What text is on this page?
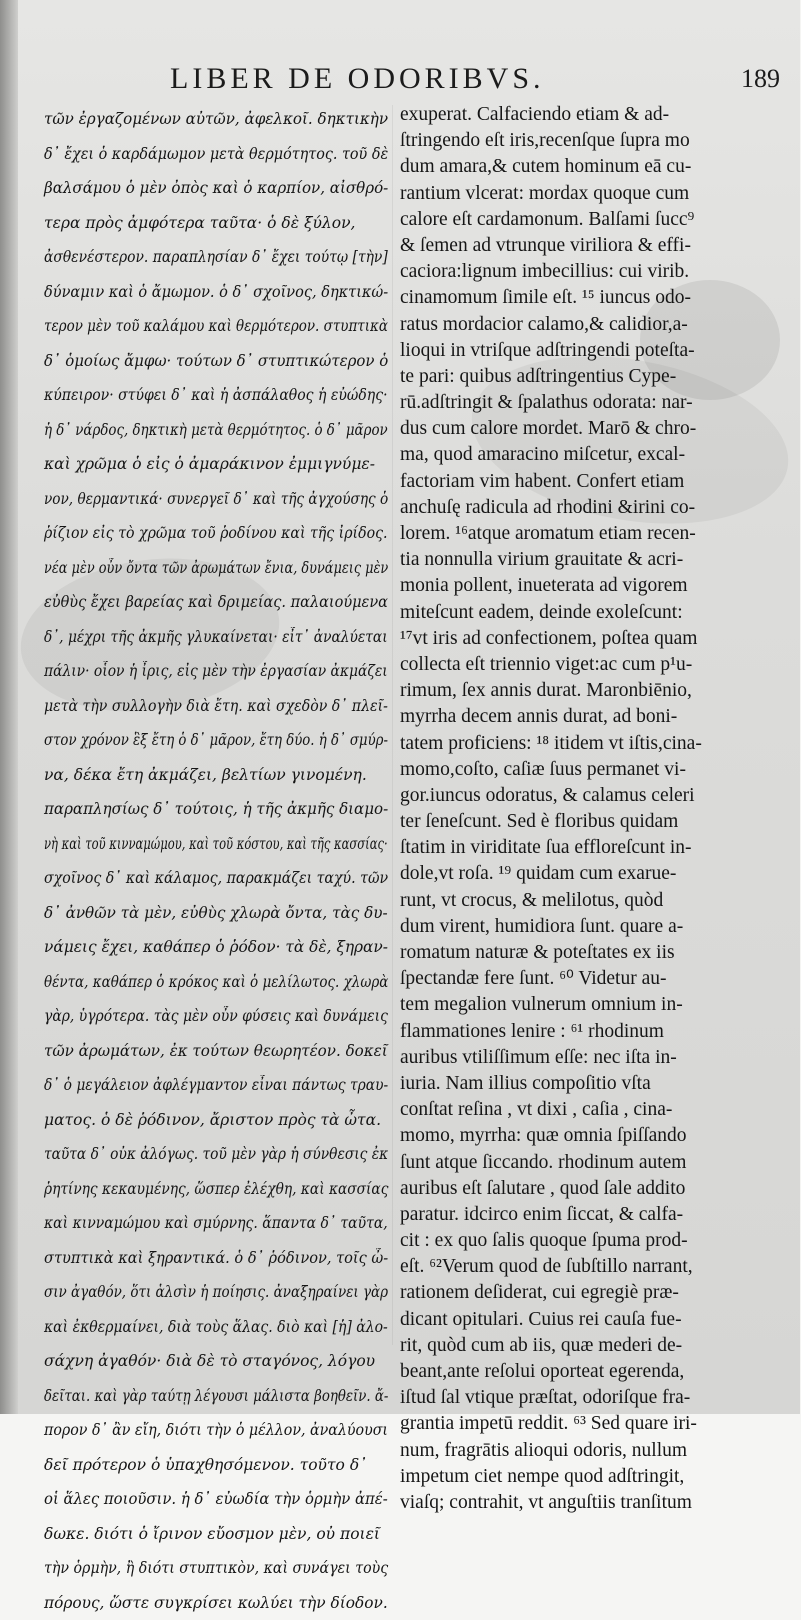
LIBER DE ODORIBVS.	189
τῶν ἐργαζομένων αὐτῶν, ἀφελκοῖ. δηκτικὴν
δ᾽ ἔχει ὁ καρδάμωμον μετὰ θερμότητος. τοῦ δὲ
βαλσάμου ὁ μὲν ὀπὸς καὶ ὁ καρπίον, αἰσθρό-
τερα πρὸς ἀμφότερα ταῦτα· ὁ δὲ ξύλον,
ἀσθενέστερον. παραπλησίαν δ᾽ ἔχει τούτῳ [τὴν]
δύναμιν καὶ ὁ ἄμωμον. ὁ δ᾽ σχοῖνος, δηκτικώ-
τερον μὲν τοῦ καλάμου καὶ θερμότερον. στυπτικὰ
δ᾽ ὁμοίως ἄμφω· τούτων δ᾽ στυπτικώτερον ὁ
κύπειρον· στύφει δ᾽ καὶ ἡ ἀσπάλαθος ἡ εὐώδης·
ἡ δ᾽ νάρδος, δηκτικὴ μετὰ θερμότητος. ὁ δ᾽ μᾶρον
καὶ χρῶμα ὁ εἰς ὁ ἀμαράκινον ἐμμιγνύμε-
νον, θερμαντικά· συνεργεῖ δ᾽ καὶ τῆς ἀγχούσης ὁ
ῥίζιον εἰς τὸ χρῶμα τοῦ ῥοδίνου καὶ τῆς ἰρίδος.
νέα μὲν οὖν ὄντα τῶν ἀρωμάτων ἔνια, δυνάμεις μὲν
εὐθὺς ἔχει βαρείας καὶ δριμείας. παλαιούμενα
δ᾽, μέχρι τῆς ἀκμῆς γλυκαίνεται· εἶτ᾽ ἀναλύεται
πάλιν· οἷον ἡ ἶρις, εἰς μὲν τὴν ἐργασίαν ἀκμάζει
μετὰ τὴν συλλογὴν διὰ ἔτη. καὶ σχεδὸν δ᾽ πλεῖ-
στον χρόνον ἓξ ἔτη ὁ δ᾽ μᾶρον, ἔτη δύο. ἡ δ᾽ σμύρ-
να, δέκα ἔτη ἀκμάζει, βελτίων γινομένη.
παραπλησίως δ᾽ τούτοις, ἡ τῆς ἀκμῆς διαμο-
νὴ καὶ τοῦ κινναμώμου, καὶ τοῦ κόστου, καὶ τῆς κασσίας·
σχοῖνος δ᾽ καὶ κάλαμος, παρακμάζει ταχύ. τῶν
δ᾽ ἀνθῶν τὰ μὲν, εὐθὺς χλωρὰ ὄντα, τὰς δυ-
νάμεις ἔχει, καθάπερ ὁ ῥόδον· τὰ δὲ, ξηραν-
θέντα, καθάπερ ὁ κρόκος καὶ ὁ μελίλωτος. χλωρὰ
γὰρ, ὑγρότερα. τὰς μὲν οὖν φύσεις καὶ δυνάμεις
τῶν ἀρωμάτων, ἐκ τούτων θεωρητέον. δοκεῖ
δ᾽ ὁ μεγάλειον ἀφλέγμαντον εἶναι πάντως τραυ-
ματος. ὁ δὲ ῥόδινον, ἄριστον πρὸς τὰ ὦτα.
ταῦτα δ᾽ οὐκ ἀλόγως. τοῦ μὲν γὰρ ἡ σύνθεσις ἐκ
ῥητίνης κεκαυμένης, ὥσπερ ἐλέχθη, καὶ κασσίας
καὶ κινναμώμου καὶ σμύρνης. ἅπαντα δ᾽ ταῦτα,
στυπτικὰ καὶ ξηραντικά. ὁ δ᾽ ῥόδινον, τοῖς ὦ-
σιν ἀγαθόν, ὅτι ἁλσὶν ἡ ποίησις. ἀναξηραίνει γὰρ
καὶ ἐκθερμαίνει, διὰ τοὺς ἅλας. διὸ καὶ [ἡ] ἀλο-
σάχνη ἀγαθόν· διὰ δὲ τὸ σταγόνος, λόγου
δεῖται. καὶ γὰρ ταύτῃ λέγουσι μάλιστα βοηθεῖν. ἄ-
πορον δ᾽ ἂν εἴη, διότι τὴν ὁ μέλλον, ἀναλύουσι
δεῖ πρότερον ὁ ὑπαχθησόμενον. τοῦτο δ᾽
οἱ ἅλες ποιοῦσιν. ἡ δ᾽ εὐωδία τὴν ὁρμὴν ἀπέ-
δωκε. διότι ὁ ἴρινον εὔοσμον μὲν, οὐ ποιεῖ
τὴν ὁρμὴν, ἢ διότι στυπτικὸν, καὶ συνάγει τοὺς
πόρους, ὥστε συγκρίσει κωλύει τὴν δίοδον.
exuperat. Calfaciendo etiam & ad-
ſtringendo eſt iris,recenſque ſupra mo
dum amara,& cutem hominum eā cu-
rantium vlcerat: mordax quoque cum
calore eſt cardamonum. Balſami ſucc⁹
& ſemen ad vtrunque viriliora & effi-
caciora:lignum imbecillius: cui virib.
cinamomum ſimile eſt. ¹⁵ iuncus odo-
ratus mordacior calamo,& calidior,a-
lioqui in vtriſque adſtringendi poteſta-
te pari: quibus adſtringentius Cype-
rū.adſtringit & ſpalathus odorata: nar-
dus cum calore mordet. Marō & chro-
ma, quod amaracino miſcetur, excal-
factoriam vim habent. Confert etiam
anchuſę radicula ad rhodini &irini co-
lorem. ¹⁶atque aromatum etiam recen-
tia nonnulla virium grauitate & acri-
monia pollent, inueterata ad vigorem
miteſcunt eadem, deinde exoleſcunt:
¹⁷vt iris ad confectionem, poſtea quam
collecta eſt triennio viget:ac cum p¹u-
rimum, ſex annis durat. Maronbiēnio,
myrrha decem annis durat, ad boni-
tatem proficiens: ¹⁸ itidem vt iſtis,cina-
momo,coſto, caſiæ ſuus permanet vi-
gor.iuncus odoratus, & calamus celeri
ter ſeneſcunt. Sed è floribus quidam
ſtatim in viriditate ſua effloreſcunt in-
dole,vt roſa. ¹⁹ quidam cum exarue-
runt, vt crocus, & melilotus, quòd
dum virent, humidiora ſunt. quare a-
romatum naturæ & poteſtates ex iis
ſpectandæ fere ſunt. ⁶⁰ Videtur au-
tem megalion vulnerum omnium in-
flammationes lenire : ⁶¹ rhodinum
auribus vtiliſſimum eſſe: nec iſta in-
iuria. Nam illius compoſitio vſta
conſtat reſina , vt dixi , caſia , cina-
momo, myrrha: quæ omnia ſpiſſando
ſunt atque ſiccando. rhodinum autem
auribus eſt ſalutare , quod ſale addito
paratur. idcirco enim ſiccat, & calfa-
cit : ex quo ſalis quoque ſpuma prod-
eſt. ⁶²Verum quod de ſubſtillo narrant,
rationem deſiderat, cui egregiè præ-
dicant opitulari. Cuius rei cauſa fue-
rit, quòd cum ab iis, quæ mederi de-
beant,ante reſolui oporteat egerenda,
iſtud ſal vtique præſtat, odoriſque fra-
grantia impetū reddit. ⁶³ Sed quare iri-
num, fragrātis alioqui odoris, nullum
impetum ciet nempe quod adſtringit,
viaſq; contrahit, vt anguſtiis tranſitum
